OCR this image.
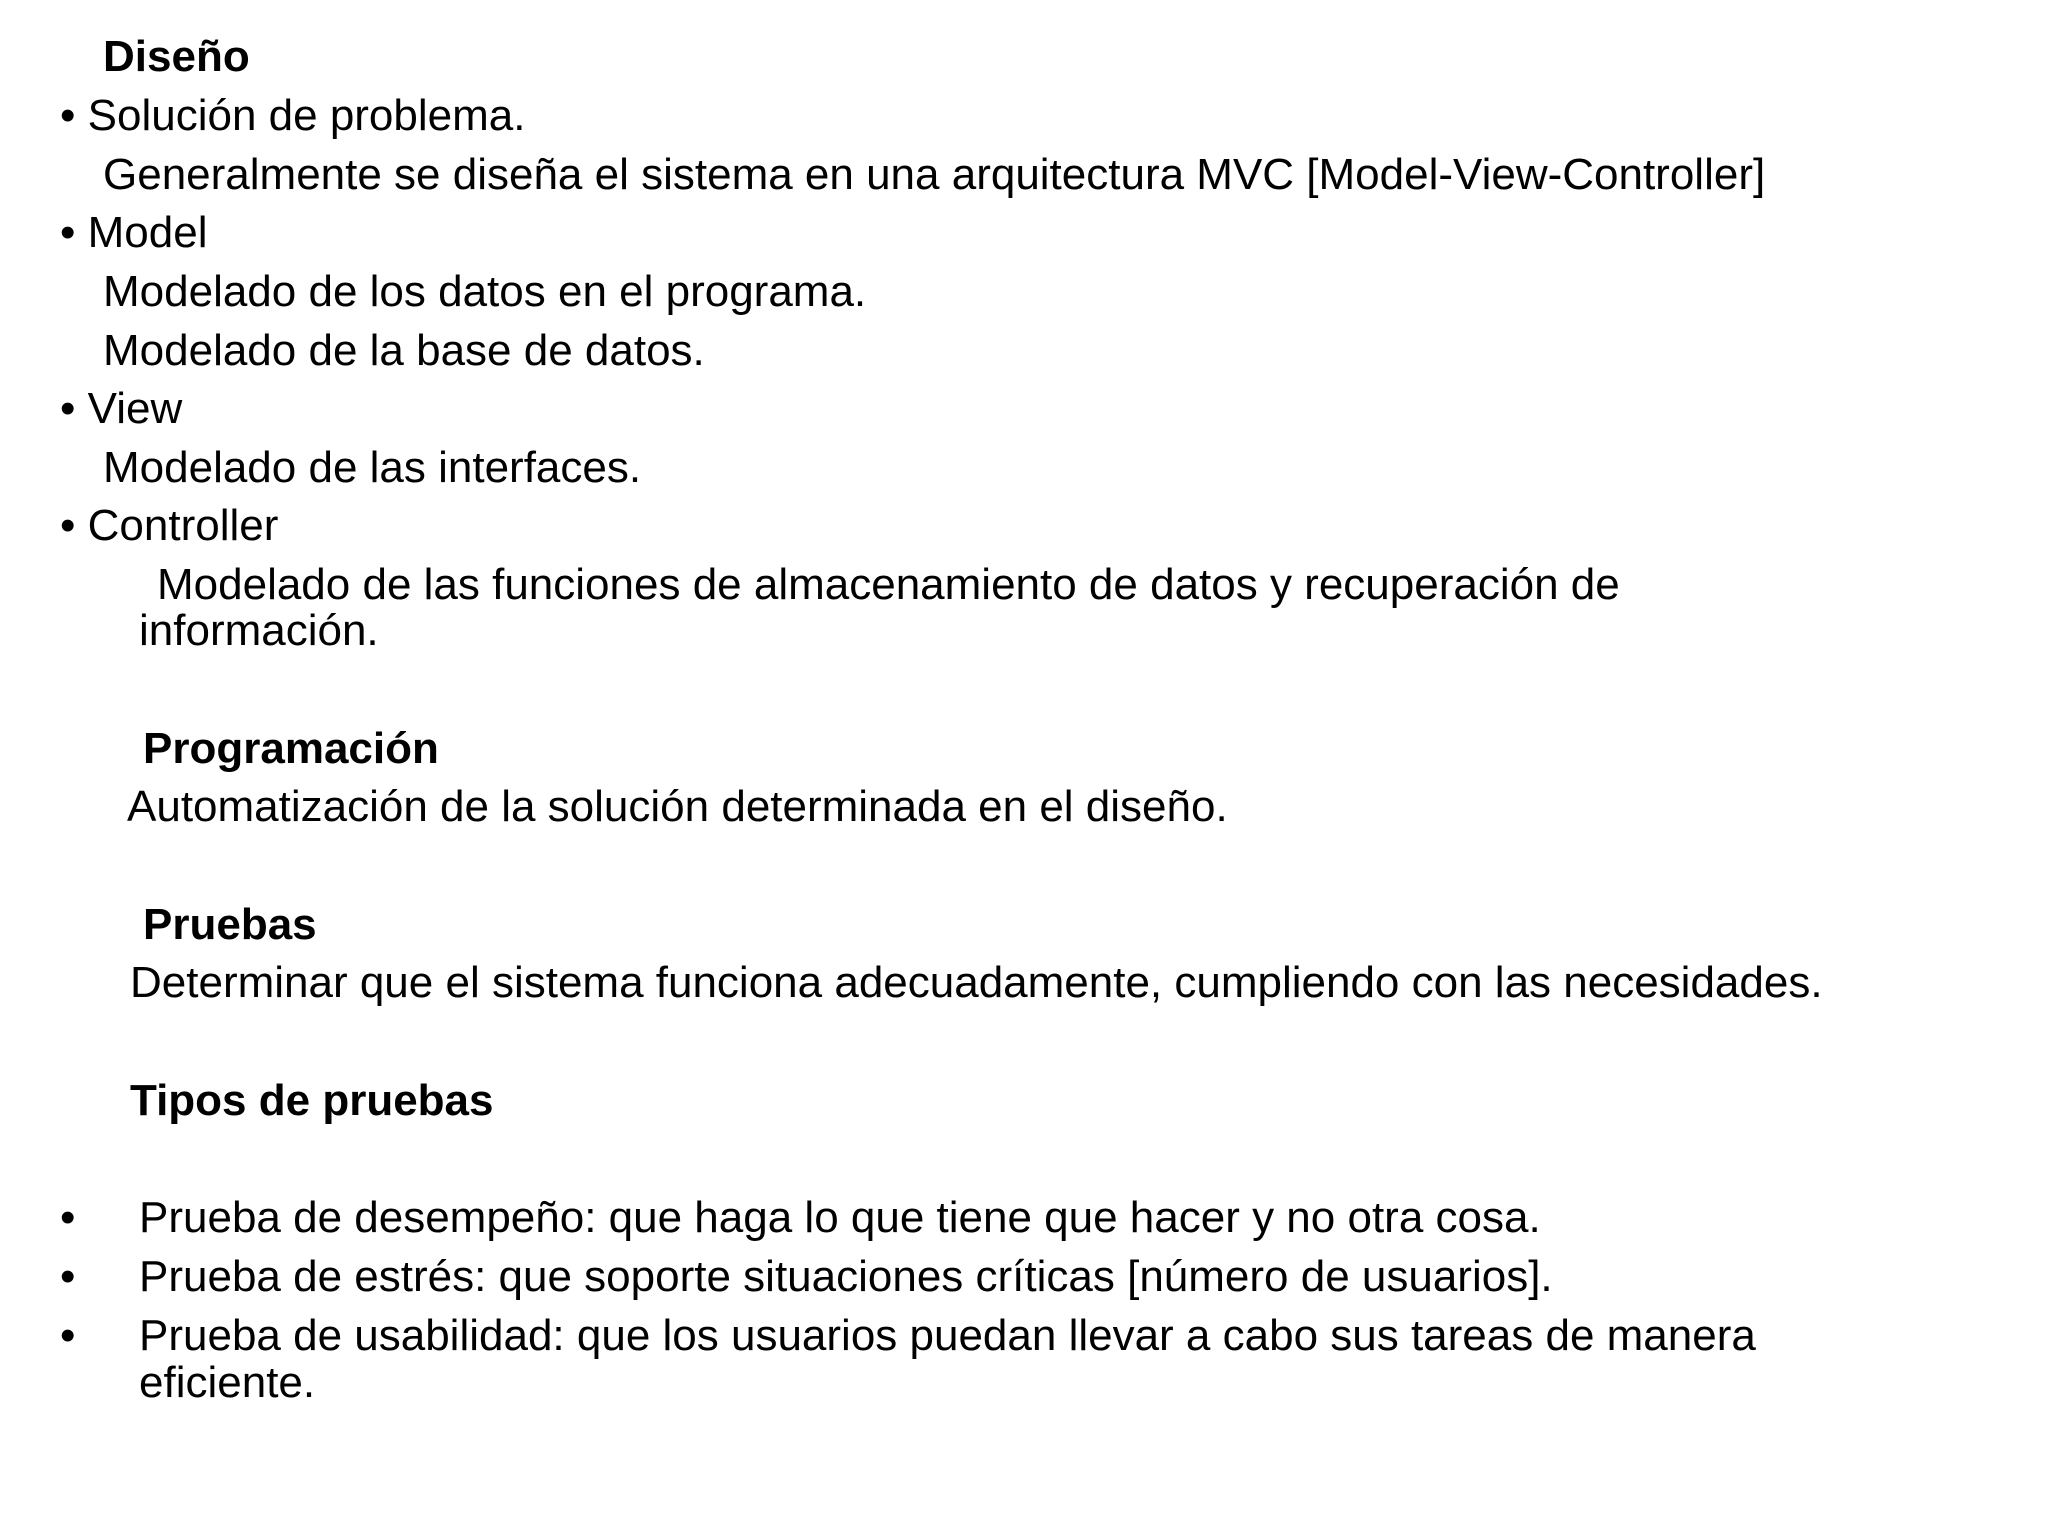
Diseño
• Solución de problema.
Generalmente se diseña el sistema en una arquitectura MVC [Model-View-Controller]
• Model
Modelado de los datos en el programa.
Modelado de la base de datos.
• View
Modelado de las interfaces.
• Controller
Modelado de las funciones de almacenamiento de datos y recuperación de
información.
Programación
Automatización de la solución determinada en el diseño.
Pruebas
Determinar que el sistema funciona adecuadamente, cumpliendo con las necesidades.
Tipos de pruebas
• Prueba de desempeño: que haga lo que tiene que hacer y no otra cosa.
• Prueba de estrés: que soporte situaciones críticas [número de usuarios].
• Prueba de usabilidad: que los usuarios puedan llevar a cabo sus tareas de manera
eficiente.
